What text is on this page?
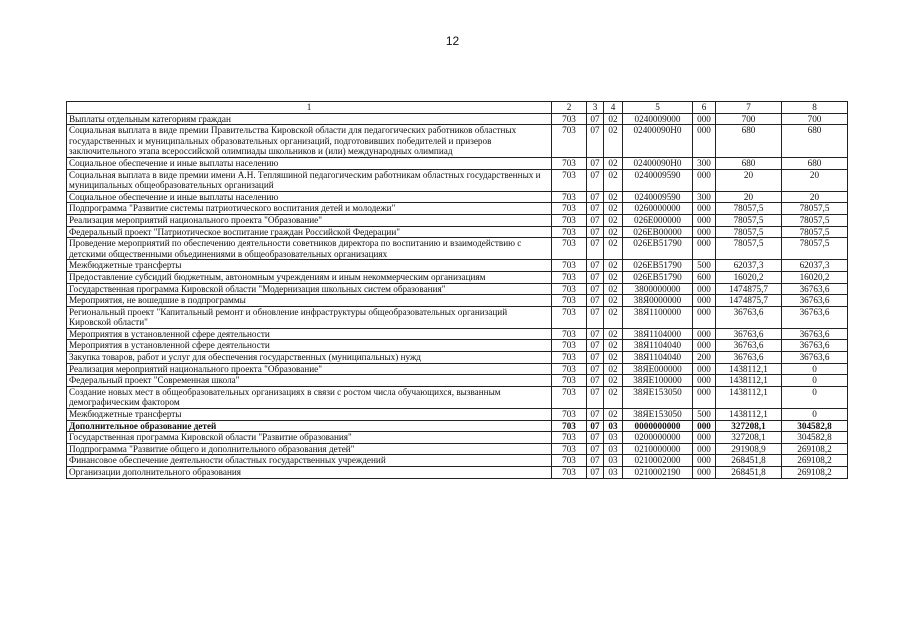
12
1	2	3	4	5	6	7	8
Выплаты отдельным категориям граждан	703	07	02	0240009000	000	700	700
Социальная выплата в виде премии Правительства Кировской области для педагогических работников областных государственных и муниципальных образовательных организаций, подготовивших победителей и призеров заключительного этапа всероссийской олимпиады школьников и (или) международных олимпиад	703	07	02	02400090Н0	000	680	680
Социальное обеспечение и иные выплаты населению	703	07	02	02400090Н0	300	680	680
Социальная выплата в виде премии имени А.Н. Тепляшиной педагогическим работникам областных государственных и муниципальных общеобразовательных организаций	703	07	02	0240009590	000	20	20
Социальное обеспечение и иные выплаты населению	703	07	02	0240009590	300	20	20
Подпрограмма "Развитие системы патриотического воспитания детей и молодежи"	703	07	02	0260000000	000	78057,5	78057,5
Реализация мероприятий национального проекта "Образование"	703	07	02	026Е000000	000	78057,5	78057,5
Федеральный проект "Патриотическое воспитание граждан Российской Федерации"	703	07	02	026ЕВ00000	000	78057,5	78057,5
Проведение мероприятий по обеспечению деятельности советников директора по воспитанию и взаимодействию с детскими общественными объединениями в общеобразовательных организациях	703	07	02	026ЕВ51790	000	78057,5	78057,5
Межбюджетные трансферты	703	07	02	026ЕВ51790	500	62037,3	62037,3
Предоставление субсидий бюджетным, автономным учреждениям и иным некоммерческим организациям	703	07	02	026ЕВ51790	600	16020,2	16020,2
Государственная программа Кировской области "Модернизация школьных систем образования"	703	07	02	3800000000	000	1474875,7	36763,6
Мероприятия, не вошедшие в подпрограммы	703	07	02	38Я0000000	000	1474875,7	36763,6
Региональный проект "Капитальный ремонт и обновление инфраструктуры общеобразовательных организаций Кировской области"	703	07	02	38Я1100000	000	36763,6	36763,6
Мероприятия в установленной сфере деятельности	703	07	02	38Я1104000	000	36763,6	36763,6
Мероприятия в установленной сфере деятельности	703	07	02	38Я1104040	000	36763,6	36763,6
Закупка товаров, работ и услуг для обеспечения государственных (муниципальных) нужд	703	07	02	38Я1104040	200	36763,6	36763,6
Реализация мероприятий национального проекта "Образование"	703	07	02	38ЯЕ000000	000	1438112,1	0
Федеральный проект "Современная школа"	703	07	02	38ЯЕ100000	000	1438112,1	0
Создание новых мест в общеобразовательных организациях в связи с ростом числа обучающихся, вызванным демографическим фактором	703	07	02	38ЯЕ153050	000	1438112,1	0
Межбюджетные трансферты	703	07	02	38ЯЕ153050	500	1438112,1	0
Дополнительное образование детей	703	07	03	0000000000	000	327208,1	304582,8
Государственная программа Кировской области "Развитие образования"	703	07	03	0200000000	000	327208,1	304582,8
Подпрограмма "Развитие общего и дополнительного образования детей"	703	07	03	0210000000	000	291908,9	269108,2
Финансовое обеспечение деятельности областных государственных учреждений	703	07	03	0210002000	000	268451,8	269108,2
Организации дополнительного образования	703	07	03	0210002190	000	268451,8	269108,2
